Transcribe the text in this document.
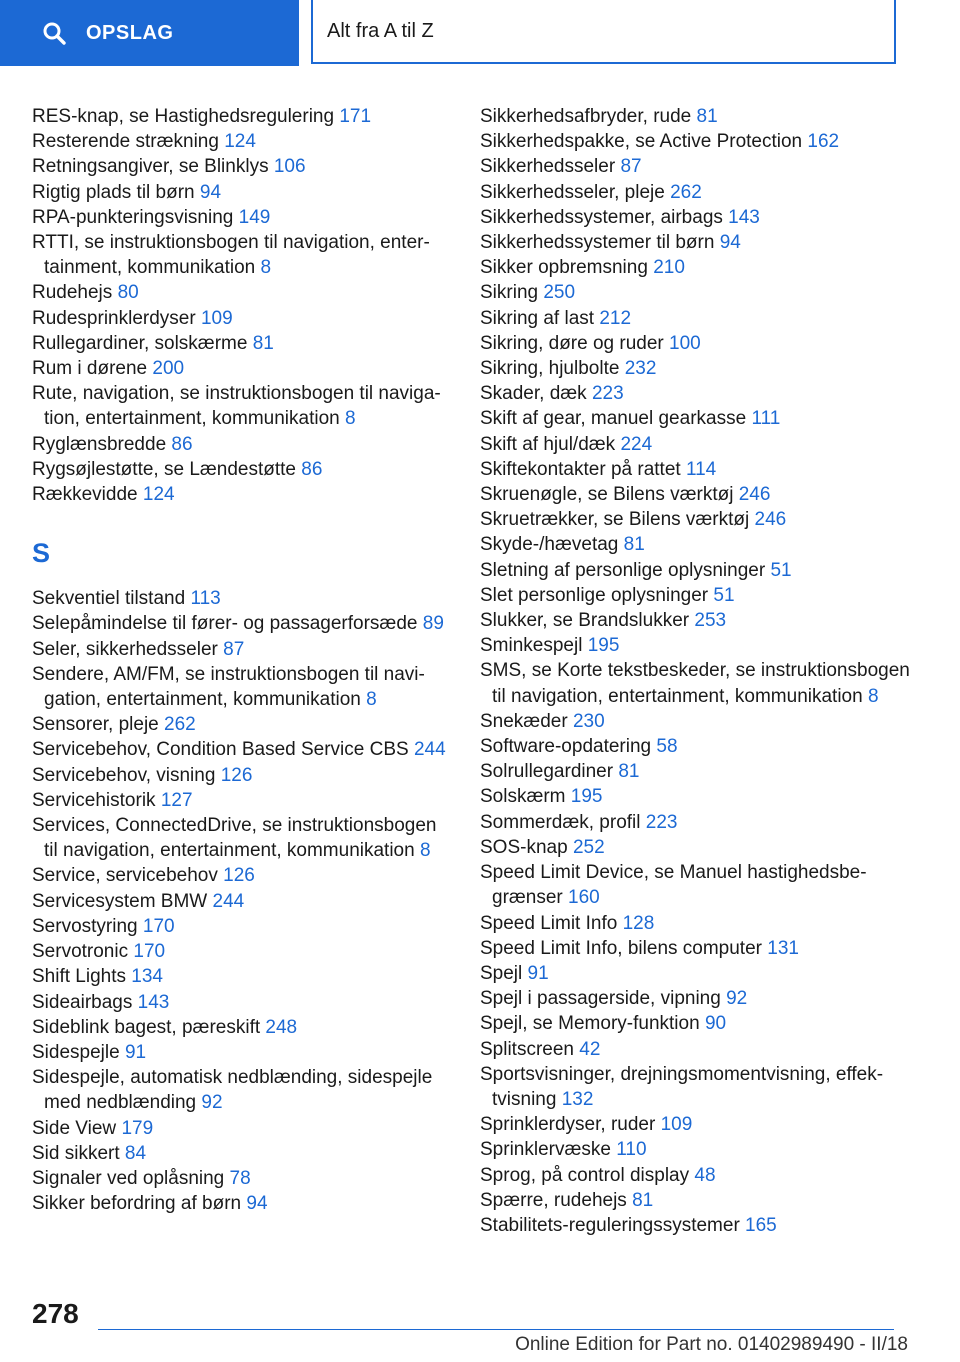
OPSLAG	Alt fra A til Z
RES-knap, se Hastighedsregulering 171
Resterende strækning 124
Retningsangiver, se Blinklys 106
Rigtig plads til børn 94
RPA-punkteringsvisning 149
RTTI, se instruktionsbogen til navigation, entertainment, kommunikation 8
Rudehejs 80
Rudesprinklerdyser 109
Rullegardiner, solskærme 81
Rum i dørene 200
Rute, navigation, se instruktionsbogen til navigation, entertainment, kommunikation 8
Ryglænsbredde 86
Rygsøjlestøtte, se Lændestøtte 86
Rækkevidde 124
S
Sekventiel tilstand 113
Selepåmindelse til fører- og passagerforsæde 89
Seler, sikkerhedsseler 87
Sendere, AM/FM, se instruktionsbogen til navigation, entertainment, kommunikation 8
Sensorer, pleje 262
Servicebehov, Condition Based Service CBS 244
Servicebehov, visning 126
Servicehistorik 127
Services, ConnectedDrive, se instruktionsbogen til navigation, entertainment, kommunikation 8
Service, servicebehov 126
Servicesystem BMW 244
Servostyring 170
Servotronic 170
Shift Lights 134
Sideairbags 143
Sideblink bagest, pæreskift 248
Sidespejle 91
Sidespejle, automatisk nedblænding, sidespejle med nedblænding 92
Side View 179
Sid sikkert 84
Signaler ved oplåsning 78
Sikker befordring af børn 94
Sikkerhedsafbryder, rude 81
Sikkerhedspakke, se Active Protection 162
Sikkerhedsseler 87
Sikkerhedsseler, pleje 262
Sikkerhedssystemer, airbags 143
Sikkerhedssystemer til børn 94
Sikker opbremsning 210
Sikring 250
Sikring af last 212
Sikring, døre og ruder 100
Sikring, hjulbolte 232
Skader, dæk 223
Skift af gear, manuel gearkasse 111
Skift af hjul/dæk 224
Skiftekontakter på rattet 114
Skruenøgle, se Bilens værktøj 246
Skruetrækker, se Bilens værktøj 246
Skyde-/hævetag 81
Sletning af personlige oplysninger 51
Slet personlige oplysninger 51
Slukker, se Brandslukker 253
Sminkespejl 195
SMS, se Korte tekstbeskeder, se instruktionsbogen til navigation, entertainment, kommunikation 8
Snekæder 230
Software-opdatering 58
Solrullegardiner 81
Solskærm 195
Sommerdæk, profil 223
SOS-knap 252
Speed Limit Device, se Manuel hastighedsbegrænser 160
Speed Limit Info 128
Speed Limit Info, bilens computer 131
Spejl 91
Spejl i passagerside, vipning 92
Spejl, se Memory-funktion 90
Splitscreen 42
Sportsvisninger, drejningsmomentvisning, effektvisning 132
Sprinklerdyser, ruder 109
Sprinklervæske 110
Sprog, på control display 48
Spærre, rudehejs 81
Stabilitets-reguleringssystemer 165
278
Online Edition for Part no. 01402989490 - II/18
